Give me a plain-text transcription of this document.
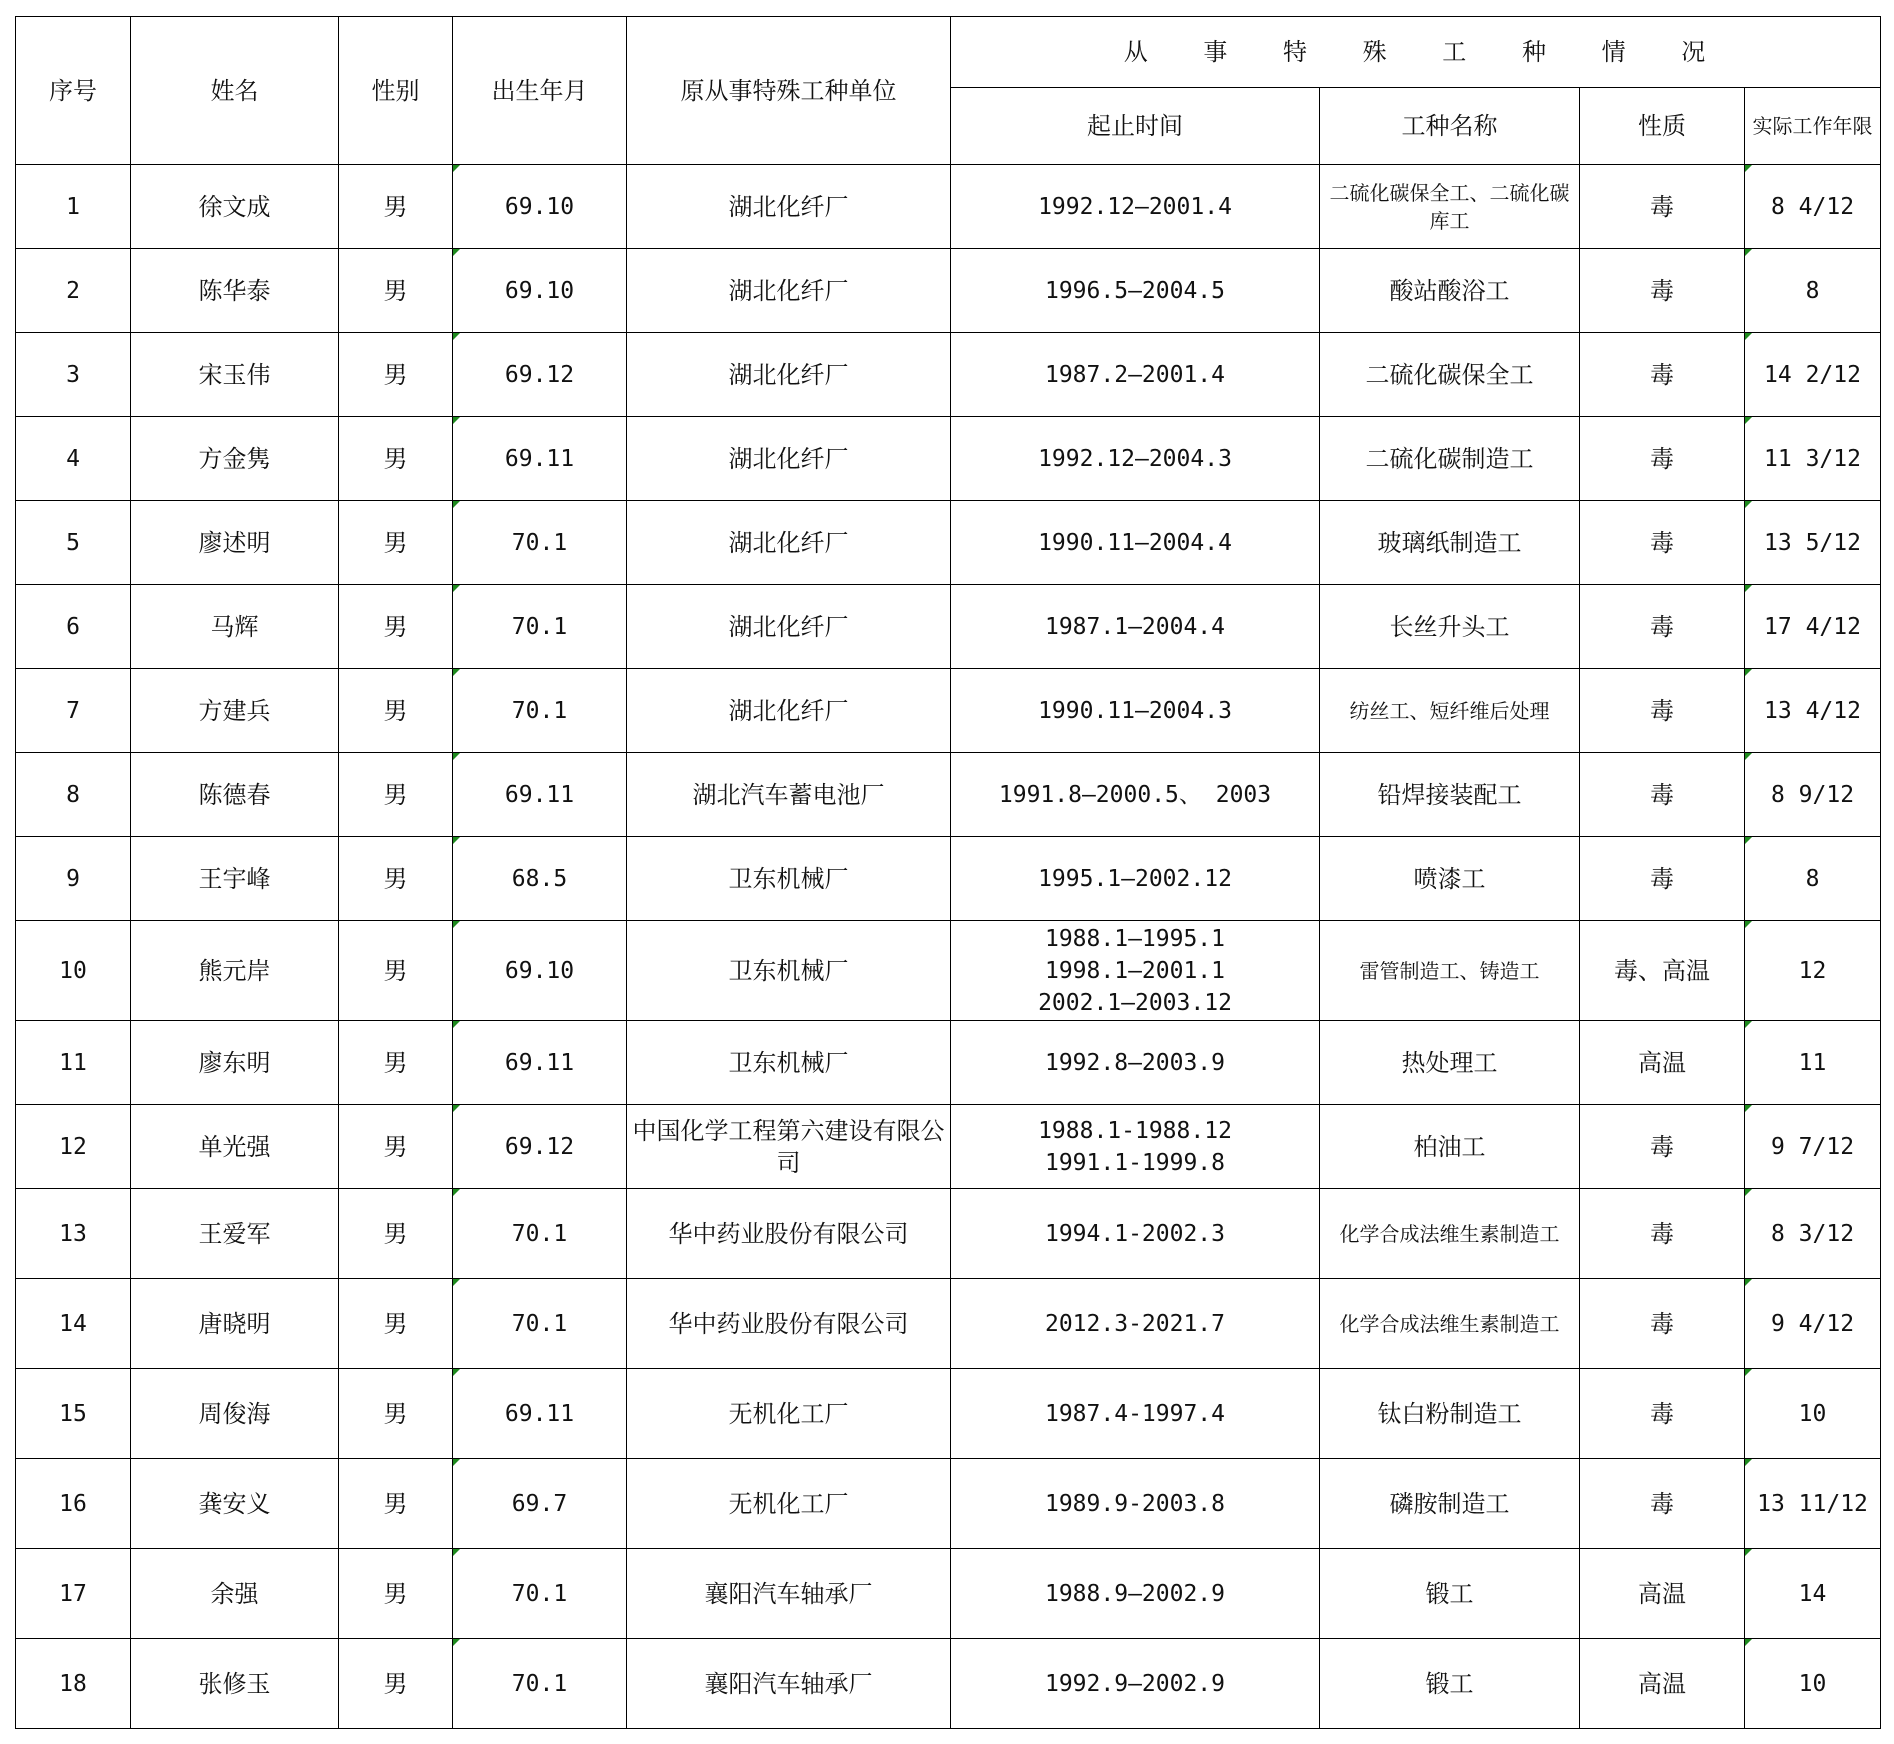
序号	姓名	性别	出生年月	原从事特殊工种单位	从 事 特 殊 工 种 情 况			
					起止时间	工种名称	性质	实际工作年限
1	徐文成	男	69.10	湖北化纤厂	1992.12—2001.4	二硫化碳保全工、二硫化碳库工	毒	8 4/12
2	陈华泰	男	69.10	湖北化纤厂	1996.5—2004.5	酸站酸浴工	毒	8
3	宋玉伟	男	69.12	湖北化纤厂	1987.2—2001.4	二硫化碳保全工	毒	14 2/12
4	方金隽	男	69.11	湖北化纤厂	1992.12—2004.3	二硫化碳制造工	毒	11 3/12
5	廖述明	男	70.1	湖北化纤厂	1990.11—2004.4	玻璃纸制造工	毒	13 5/12
6	马辉	男	70.1	湖北化纤厂	1987.1—2004.4	长丝升头工	毒	17 4/12
7	方建兵	男	70.1	湖北化纤厂	1990.11—2004.3	纺丝工、短纤维后处理	毒	13 4/12
8	陈德春	男	69.11	湖北汽车蓄电池厂	1991.8—2000.5、 2003	铅焊接装配工	毒	8 9/12
9	王宇峰	男	68.5	卫东机械厂	1995.1—2002.12	喷漆工	毒	8
10	熊元岸	男	69.10	卫东机械厂	1988.1—1995.1
1998.1—2001.1
2002.1—2003.12	雷管制造工、铸造工	毒、高温	12
11	廖东明	男	69.11	卫东机械厂	1992.8—2003.9	热处理工	高温	11
12	单光强	男	69.12	中国化学工程第六建设有限公司	1988.1-1988.12
1991.1-1999.8	柏油工	毒	9 7/12
13	王爱军	男	70.1	华中药业股份有限公司	1994.1-2002.3	化学合成法维生素制造工	毒	8 3/12
14	唐晓明	男	70.1	华中药业股份有限公司	2012.3-2021.7	化学合成法维生素制造工	毒	9 4/12
15	周俊海	男	69.11	无机化工厂	1987.4-1997.4	钛白粉制造工	毒	10
16	龚安义	男	69.7	无机化工厂	1989.9-2003.8	磷胺制造工	毒	13 11/12
17	余强	男	70.1	襄阳汽车轴承厂	1988.9—2002.9	锻工	高温	14
18	张修玉	男	70.1	襄阳汽车轴承厂	1992.9—2002.9	锻工	高温	10
